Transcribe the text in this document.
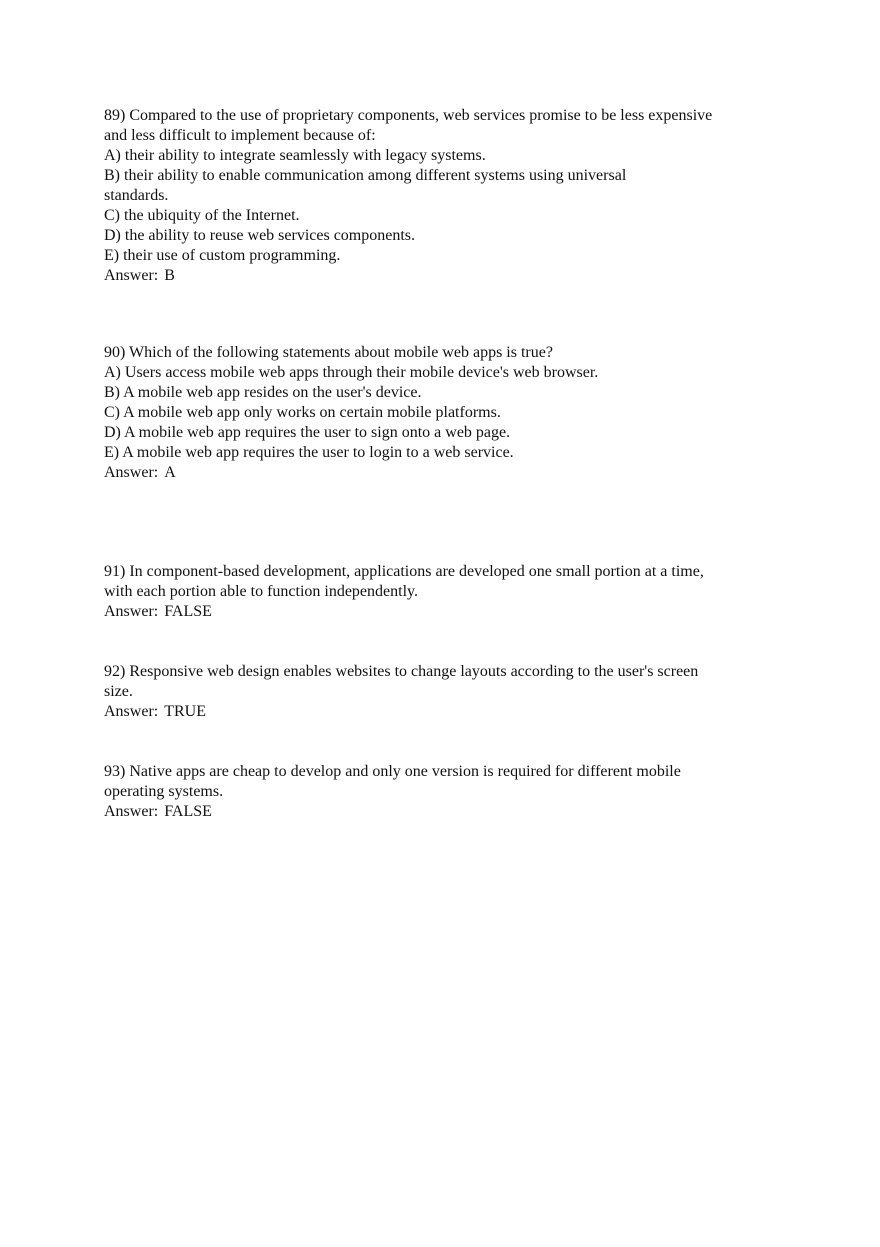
89) Compared to the use of proprietary components, web services promise to be less expensive
and less difficult to implement because of:
A) their ability to integrate seamlessly with legacy systems.
B) their ability to enable communication among different systems using universal
standards.
C) the ubiquity of the Internet.
D) the ability to reuse web services components.
E) their use of custom programming.
Answer: B
90) Which of the following statements about mobile web apps is true?
A) Users access mobile web apps through their mobile device's web browser.
B) A mobile web app resides on the user's device.
C) A mobile web app only works on certain mobile platforms.
D) A mobile web app requires the user to sign onto a web page.
E) A mobile web app requires the user to login to a web service.
Answer: A
91) In component-based development, applications are developed one small portion at a time,
with each portion able to function independently.
Answer: FALSE
92) Responsive web design enables websites to change layouts according to the user's screen
size.
Answer: TRUE
93) Native apps are cheap to develop and only one version is required for different mobile
operating systems.
Answer: FALSE
